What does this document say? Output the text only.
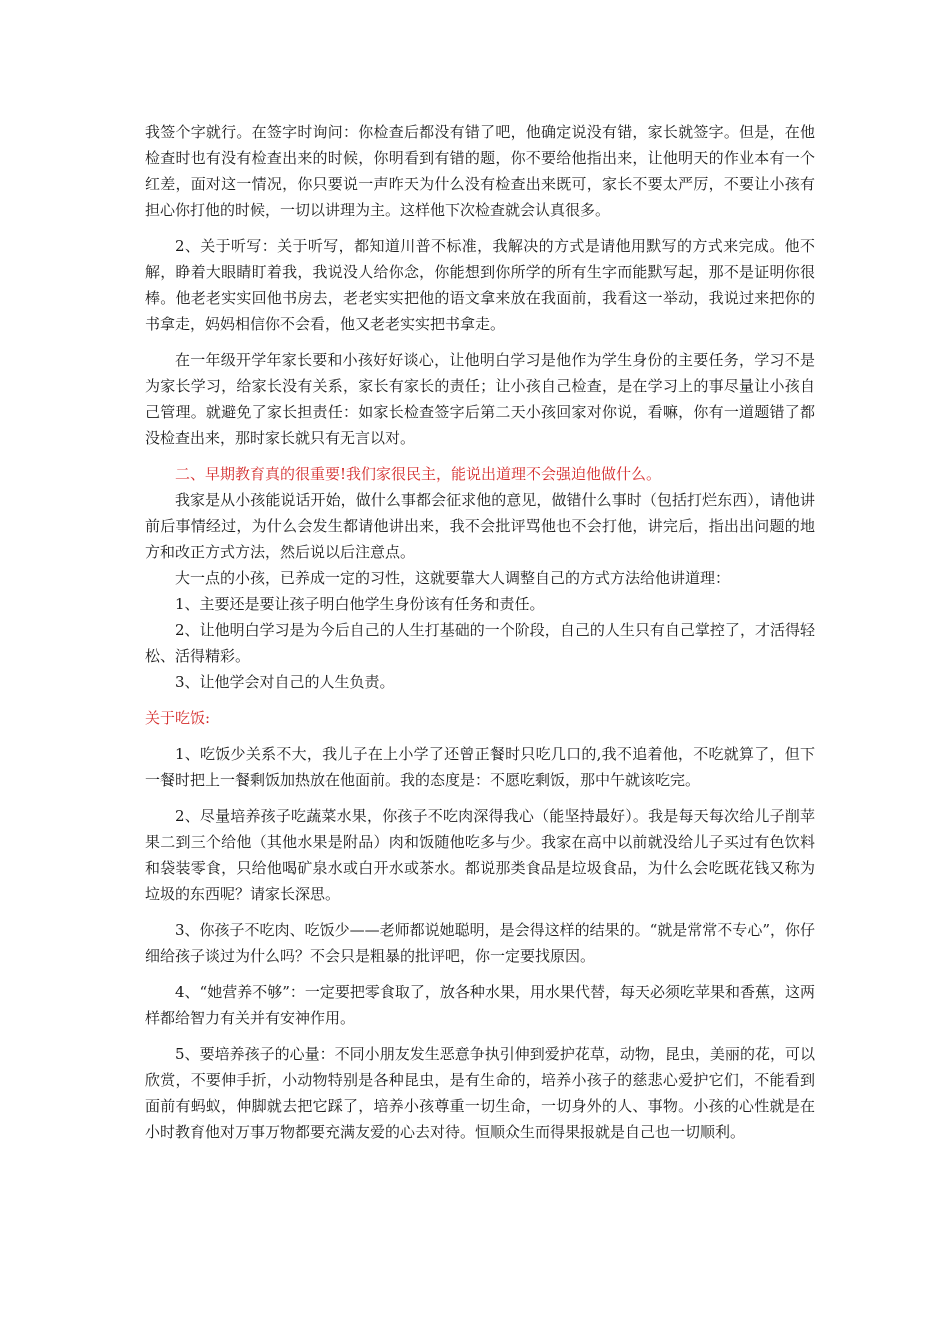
我签个字就行。在签字时询问：你检查后都没有错了吧，他确定说没有错，家长就签字。但是，在他检查时也有没有检查出来的时候，你明看到有错的题，你不要给他指出来，让他明天的作业本有一个红差，面对这一情况，你只要说一声昨天为什么没有检查出来既可，家长不要太严厉，不要让小孩有担心你打他的时候，一切以讲理为主。这样他下次检查就会认真很多。

2、关于听写：关于听写，都知道川普不标准，我解决的方式是请他用默写的方式来完成。他不解，睁着大眼睛盯着我，我说没人给你念，你能想到你所学的所有生字而能默写起，那不是证明你很棒。他老老实实回他书房去，老老实实把他的语文拿来放在我面前，我看这一举动，我说过来把你的书拿走，妈妈相信你不会看，他又老老实实把书拿走。

在一年级开学年家长要和小孩好好谈心，让他明白学习是他作为学生身份的主要任务，学习不是为家长学习，给家长没有关系，家长有家长的责任；让小孩自己检查，是在学习上的事尽量让小孩自己管理。就避免了家长担责任：如家长检查签字后第二天小孩回家对你说，看嘛，你有一道题错了都没检查出来，那时家长就只有无言以对。

二、早期教育真的很重要!我们家很民主，能说出道理不会强迫他做什么。

我家是从小孩能说话开始，做什么事都会征求他的意见，做错什么事时（包括打烂东西），请他讲前后事情经过，为什么会发生都请他讲出来，我不会批评骂他也不会打他，讲完后，指出出问题的地方和改正方式方法，然后说以后注意点。

大一点的小孩，已养成一定的习性，这就要靠大人调整自己的方式方法给他讲道理：

1、主要还是要让孩子明白他学生身份该有任务和责任。

2、让他明白学习是为今后自己的人生打基础的一个阶段，自己的人生只有自己掌控了，才活得轻松、活得精彩。

3、让他学会对自己的人生负责。

关于吃饭:

1、吃饭少关系不大，我儿子在上小学了还曾正餐时只吃几口的,我不追着他，不吃就算了，但下一餐时把上一餐剩饭加热放在他面前。我的态度是：不愿吃剩饭，那中午就该吃完。

2、尽量培养孩子吃蔬菜水果，你孩子不吃肉深得我心（能坚持最好）。我是每天每次给儿子削苹果二到三个给他（其他水果是附品）肉和饭随他吃多与少。我家在高中以前就没给儿子买过有色饮料和袋装零食，只给他喝矿泉水或白开水或茶水。都说那类食品是垃圾食品，为什么会吃既花钱又称为垃圾的东西呢？请家长深思。

3、你孩子不吃肉、吃饭少——老师都说她聪明，是会得这样的结果的。“就是常常不专心”，你仔细给孩子谈过为什么吗？不会只是粗暴的批评吧，你一定要找原因。

4、“她营养不够”：一定要把零食取了，放各种水果，用水果代替，每天必须吃苹果和香蕉，这两样都给智力有关并有安神作用。

5、要培养孩子的心量：不同小朋友发生恶意争执引伸到爱护花草，动物，昆虫，美丽的花，可以欣赏，不要伸手折，小动物特别是各种昆虫，是有生命的，培养小孩子的慈悲心爱护它们，不能看到面前有蚂蚁，伸脚就去把它踩了，培养小孩尊重一切生命，一切身外的人、事物。小孩的心性就是在小时教育他对万事万物都要充满友爱的心去对待。恒顺众生而得果报就是自己也一切顺利。
